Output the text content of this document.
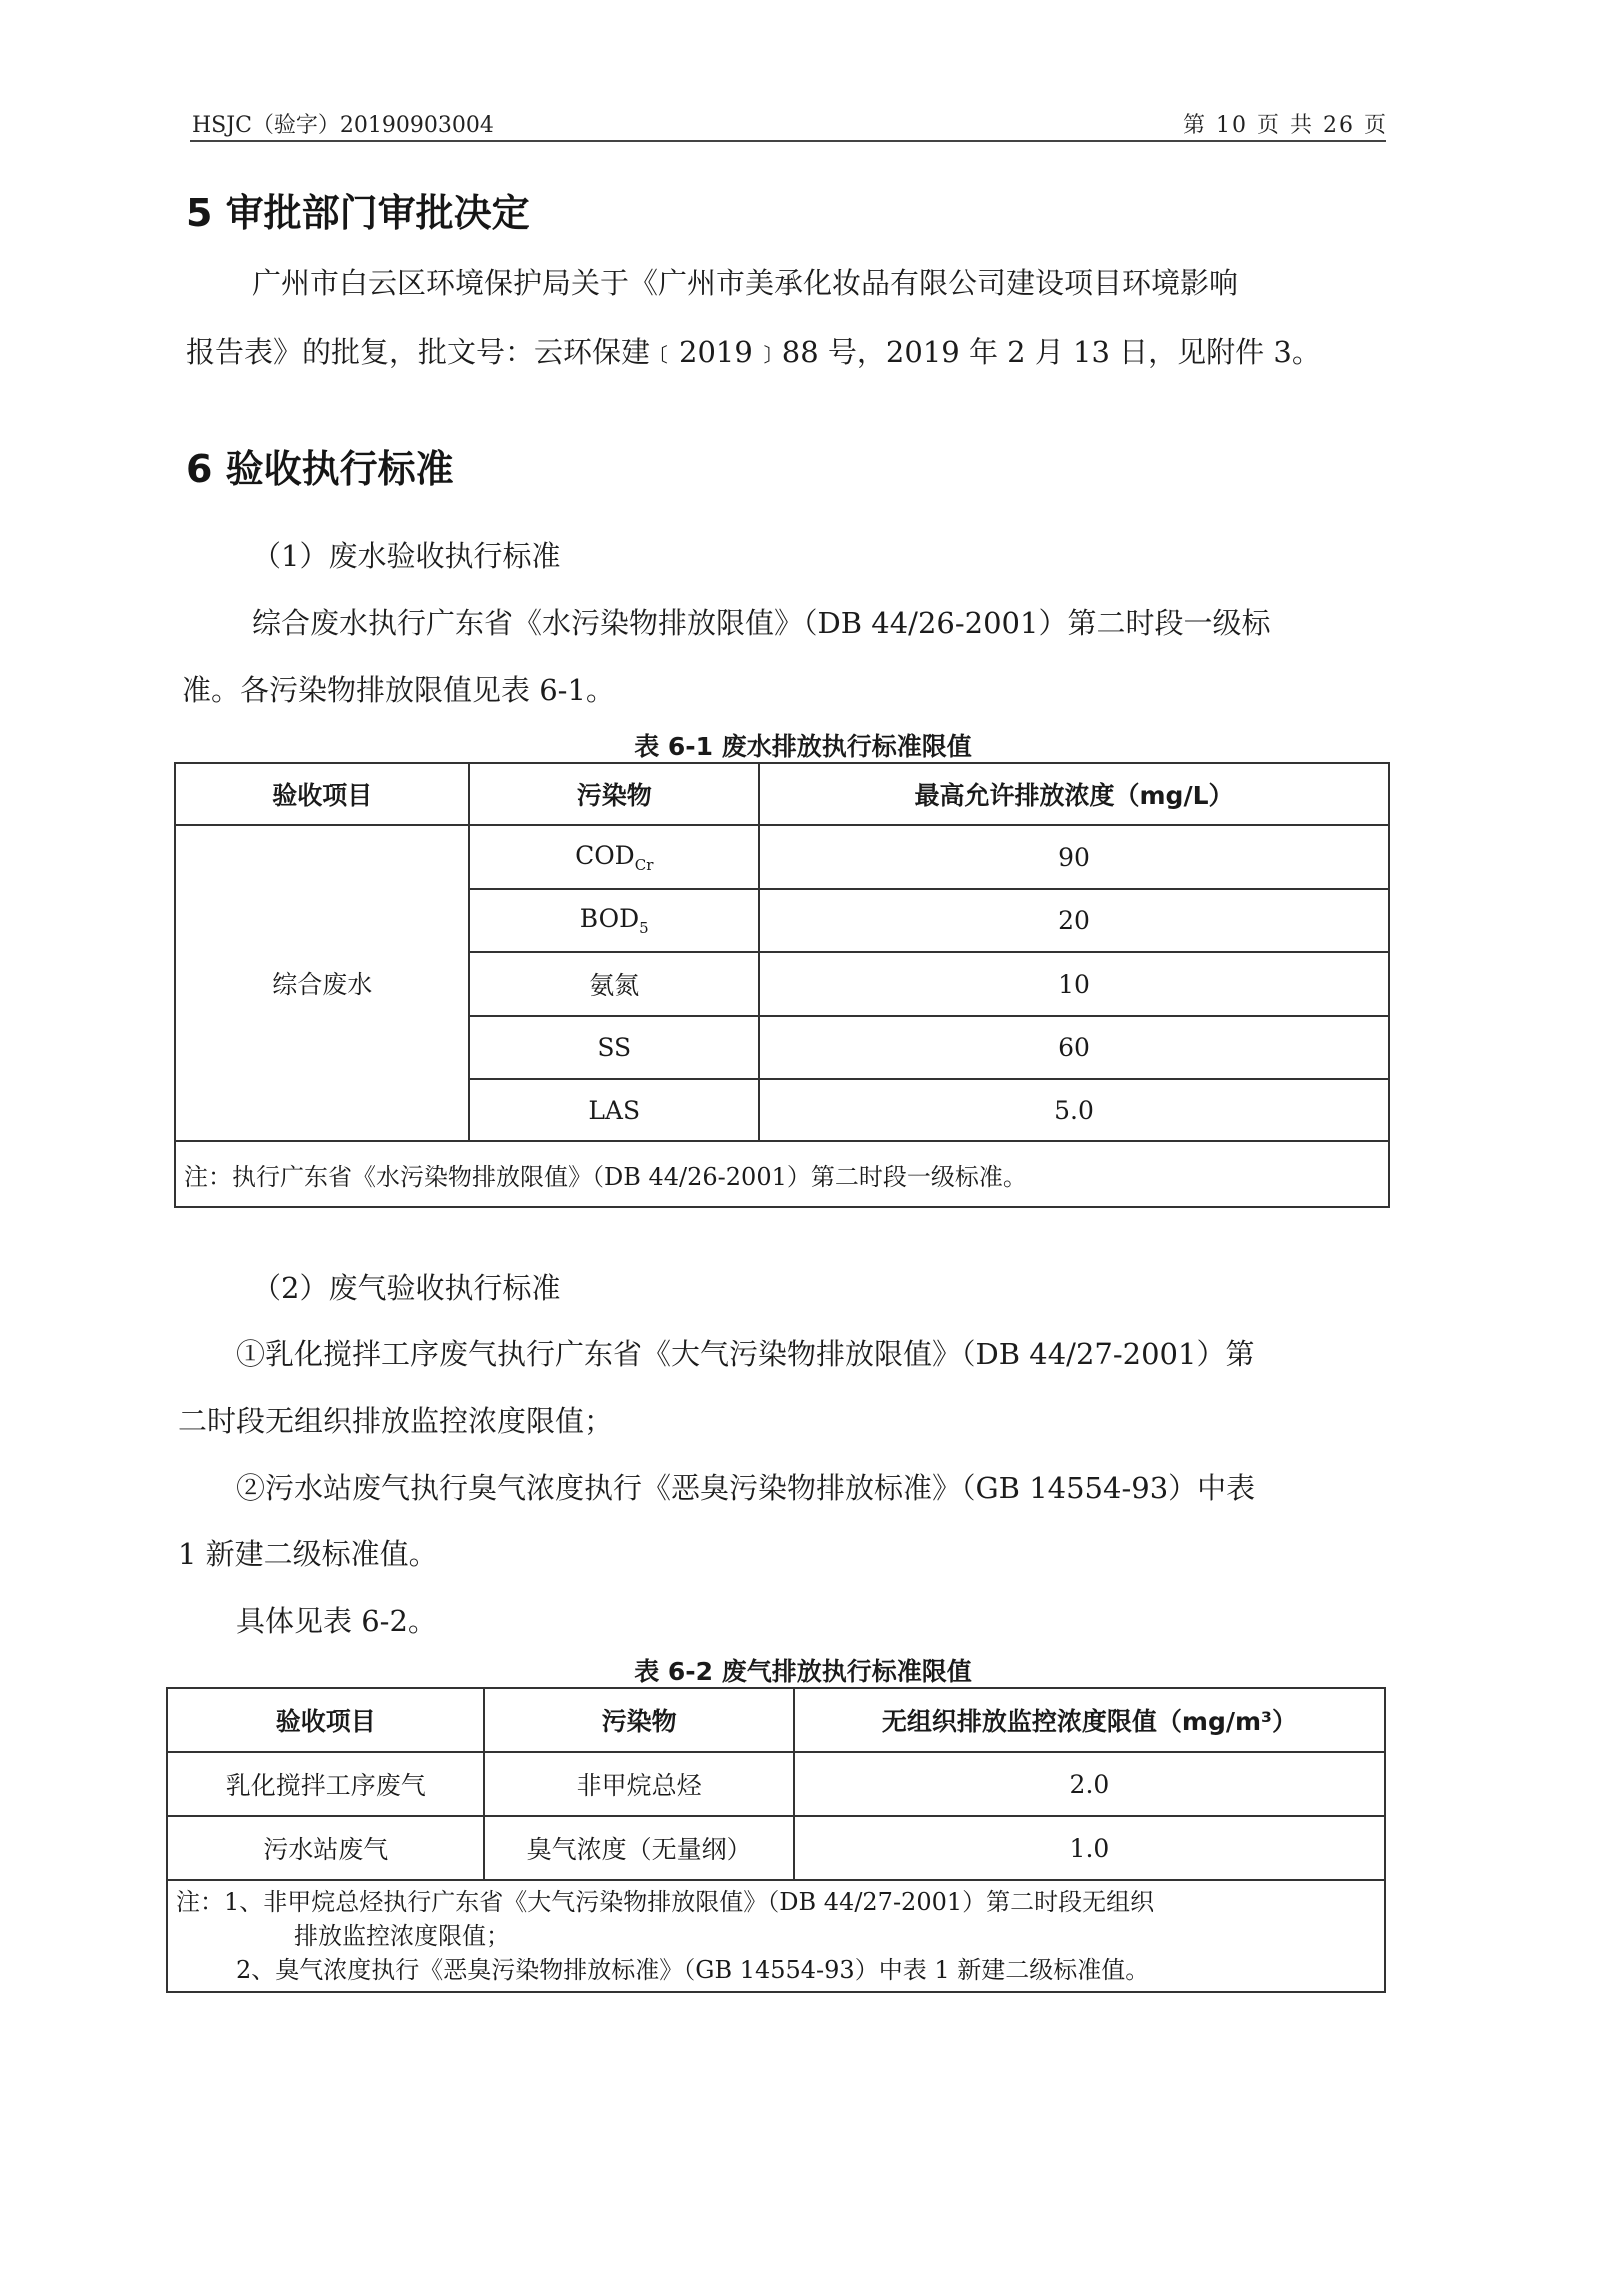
HSJC（验字）20190903004	第 10 页 共 26 页
5 审批部门审批决定
广州市白云区环境保护局关于《广州市美承化妆品有限公司建设项目环境影响
报告表》的批复，批文号：云环保建﹝2019﹞88 号，2019 年 2 月 13 日，见附件 3。
6 验收执行标准
（1）废水验收执行标准
综合废水执行广东省《水污染物排放限值》（DB 44/26-2001）第二时段一级标
准。各污染物排放限值见表 6-1。
表 6-1 废水排放执行标准限值
验收项目	污染物	最高允许排放浓度（mg/L）
综合废水	$COD_{Cr}$	90
	$BOD_5$	20
	氨氮	10
	SS	60
	LAS	5.0
注：执行广东省《水污染物排放限值》（DB 44/26-2001）第二时段一级标准。		
（2）废气验收执行标准
①乳化搅拌工序废气执行广东省《大气污染物排放限值》（DB 44/27-2001）第
二时段无组织排放监控浓度限值；
②污水站废气执行臭气浓度执行《恶臭污染物排放标准》（GB 14554-93）中表
1 新建二级标准值。
具体见表 6-2。
表 6-2 废气排放执行标准限值
验收项目	污染物	无组织排放监控浓度限值（mg/m³）
乳化搅拌工序废气	非甲烷总烃	2.0
污水站废气	臭气浓度（无量纲）	1.0

注：1、非甲烷总烃执行广东省《大气污染物排放限值》（DB 44/27-2001）第二时段无组织
排放监控浓度限值；
2、臭气浓度执行《恶臭污染物排放标准》（GB 14554-93）中表 1 新建二级标准值。		
